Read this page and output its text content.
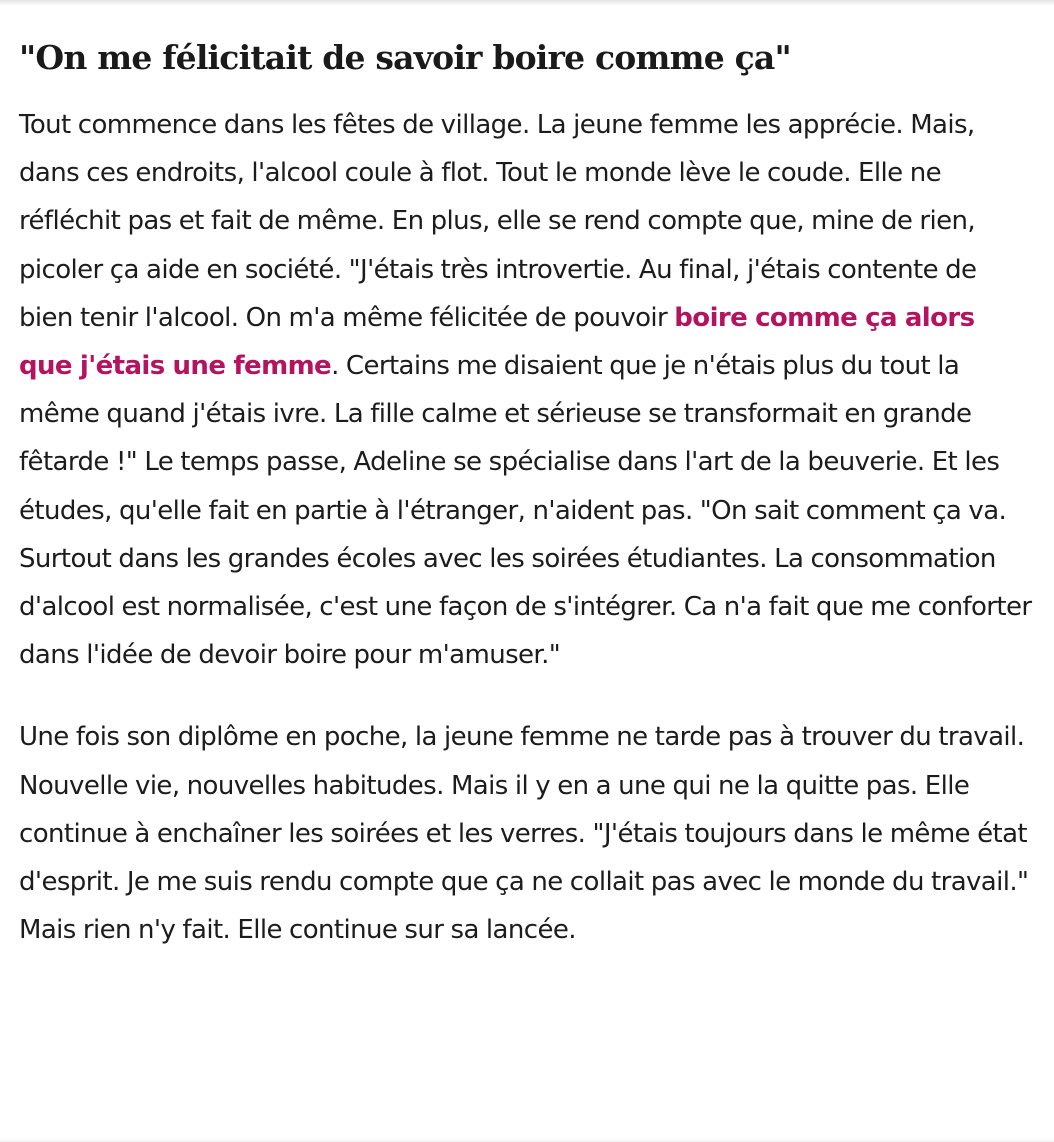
"On me félicitait de savoir boire comme ça"

Tout commence dans les fêtes de village. La jeune femme les apprécie. Mais, dans ces endroits, l'alcool coule à flot. Tout le monde lève le coude. Elle ne réfléchit pas et fait de même. En plus, elle se rend compte que, mine de rien, picoler ça aide en société. "J'étais très introvertie. Au final, j'étais contente de bien tenir l'alcool. On m'a même félicitée de pouvoir boire comme ça alors que j'étais une femme. Certains me disaient que je n'étais plus du tout la même quand j'étais ivre. La fille calme et sérieuse se transformait en grande fêtarde !" Le temps passe, Adeline se spécialise dans l'art de la beuverie. Et les études, qu'elle fait en partie à l'étranger, n'aident pas. "On sait comment ça va. Surtout dans les grandes écoles avec les soirées étudiantes. La consommation d'alcool est normalisée, c'est une façon de s'intégrer. Ca n'a fait que me conforter dans l'idée de devoir boire pour m'amuser."

Une fois son diplôme en poche, la jeune femme ne tarde pas à trouver du travail. Nouvelle vie, nouvelles habitudes. Mais il y en a une qui ne la quitte pas. Elle continue à enchaîner les soirées et les verres. "J'étais toujours dans le même état d'esprit. Je me suis rendu compte que ça ne collait pas avec le monde du travail." Mais rien n'y fait. Elle continue sur sa lancée.
